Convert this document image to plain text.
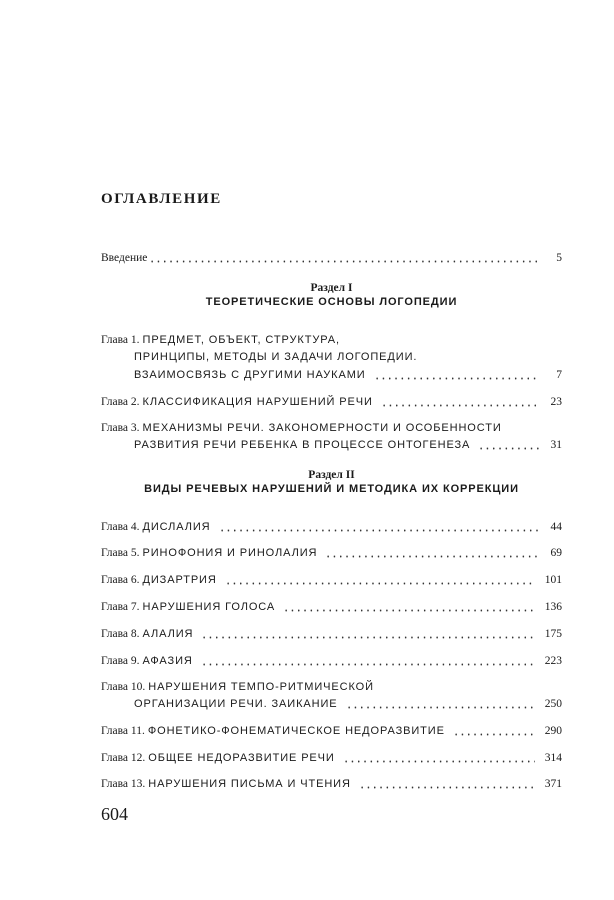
ОГЛАВЛЕНИЕ
Введение	5
Раздел I
ТЕОРЕТИЧЕСКИЕ ОСНОВЫ ЛОГОПЕДИИ
Раздел II
ВИДЫ РЕЧЕВЫХ НАРУШЕНИЙ И МЕТОДИКА ИХ КОРРЕКЦИИ
Глава 1. ПРЕДМЕТ, ОБЪЕКТ, СТРУКТУРА,
ПРИНЦИПЫ, МЕТОДЫ И ЗАДАЧИ ЛОГОПЕДИИ.
ВЗАИМОСВЯЗЬ С ДРУГИМИ НАУКАМИ	7
Глава 2. КЛАССИФИКАЦИЯ НАРУШЕНИЙ РЕЧИ	23
Глава 3. МЕХАНИЗМЫ РЕЧИ. ЗАКОНОМЕРНОСТИ И ОСОБЕННОСТИ
РАЗВИТИЯ РЕЧИ РЕБЕНКА В ПРОЦЕССЕ ОНТОГЕНЕЗА	31
Глава 4. ДИСЛАЛИЯ	44
Глава 5. РИНОФОНИЯ И РИНОЛАЛИЯ	69
Глава 6. ДИЗАРТРИЯ	101
Глава 7. НАРУШЕНИЯ ГОЛОСА	136
Глава 8. АЛАЛИЯ	175
Глава 9. АФАЗИЯ	223
Глава 10. НАРУШЕНИЯ ТЕМПО-РИТМИЧЕСКОЙ
ОРГАНИЗАЦИИ РЕЧИ. ЗАИКАНИЕ	250
Глава 11. ФОНЕТИКО-ФОНЕМАТИЧЕСКОЕ НЕДОРАЗВИТИЕ	290
Глава 12. ОБЩЕЕ НЕДОРАЗВИТИЕ РЕЧИ	314
Глава 13. НАРУШЕНИЯ ПИСЬМА И ЧТЕНИЯ	371
604
